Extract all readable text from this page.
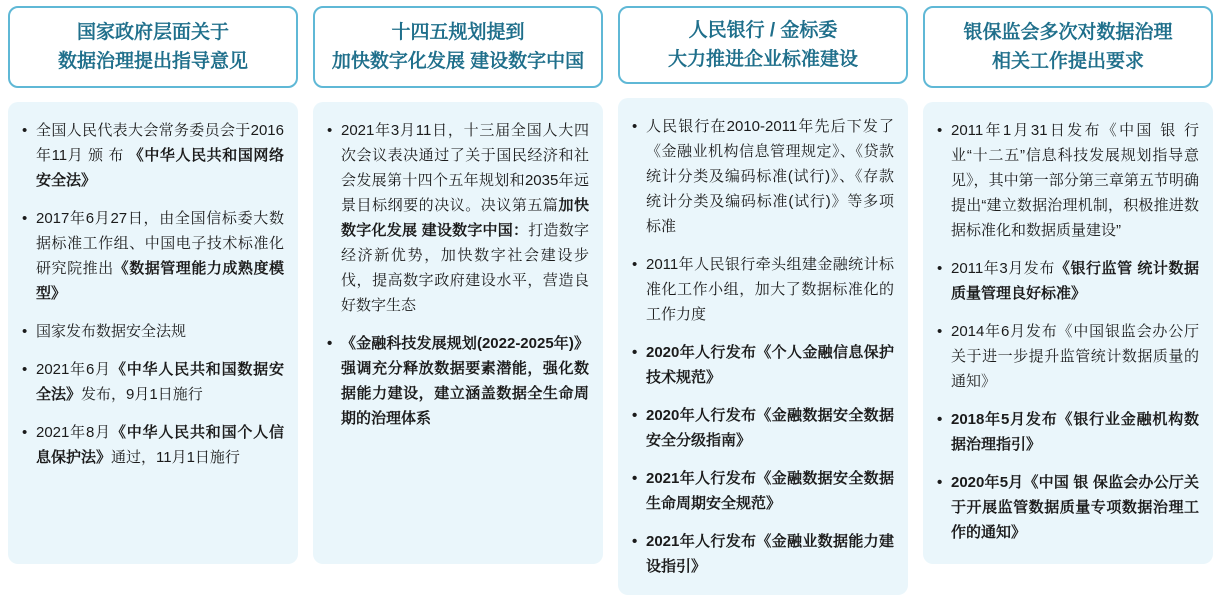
国家政府层面关于
数据治理提出指导意见
• 全国人民代表大会常务委员会于2016年11月 颁 布 《中华人民共和国网络安全法》
• 2017年6月27日，由全国信标委大数据标准工作组、中国电子技术标准化研究院推出《数据管理能力成熟度模型》
• 国家发布数据安全法规
• 2021年6月《中华人民共和国数据安全法》发布，9月1日施行
• 2021年8月《中华人民共和国个人信息保护法》通过，11月1日施行
十四五规划提到
加快数字化发展 建设数字中国
• 2021年3月11日，十三届全国人大四次会议表决通过了关于国民经济和社会发展第十四个五年规划和2035年远景目标纲要的决议。决议第五篇加快数字化发展 建设数字中国：打造数字经济新优势，加快数字社会建设步伐，提高数字政府建设水平，营造良好数字生态
• 《金融科技发展规划(2022-2025年)》强调充分释放数据要素潜能，强化数据能力建设，建立涵盖数据全生命周期的治理体系
人民银行 / 金标委
大力推进企业标准建设
• 人民银行在2010-2011年先后下发了《金融业机构信息管理规定》、《贷款统计分类及编码标准(试行)》、《存款统计分类及编码标准(试行)》等多项标准
• 2011年人民银行牵头组建金融统计标准化工作小组，加大了数据标准化的工作力度
• 2020年人行发布《个人金融信息保护技术规范》
• 2020年人行发布《金融数据安全数据安全分级指南》
• 2021年人行发布《金融数据安全数据生命周期安全规范》
• 2021年人行发布《金融业数据能力建设指引》
银保监会多次对数据治理
相关工作提出要求
• 2011年1月31日发布《中国 银 行业“十二五”信息科技发展规划指导意见》，其中第一部分第三章第五节明确提出“建立数据治理机制，积极推进数据标准化和数据质量建设”
• 2011年3月发布《银行监管 统计数据质量管理良好标准》
• 2014年6月发布《中国银监会办公厅关于进一步提升监管统计数据质量的通知》
• 2018年5月发布《银行业金融机构数据治理指引》
• 2020年5月《中国 银 保监会办公厅关于开展监管数据质量专项数据治理工作的通知》
